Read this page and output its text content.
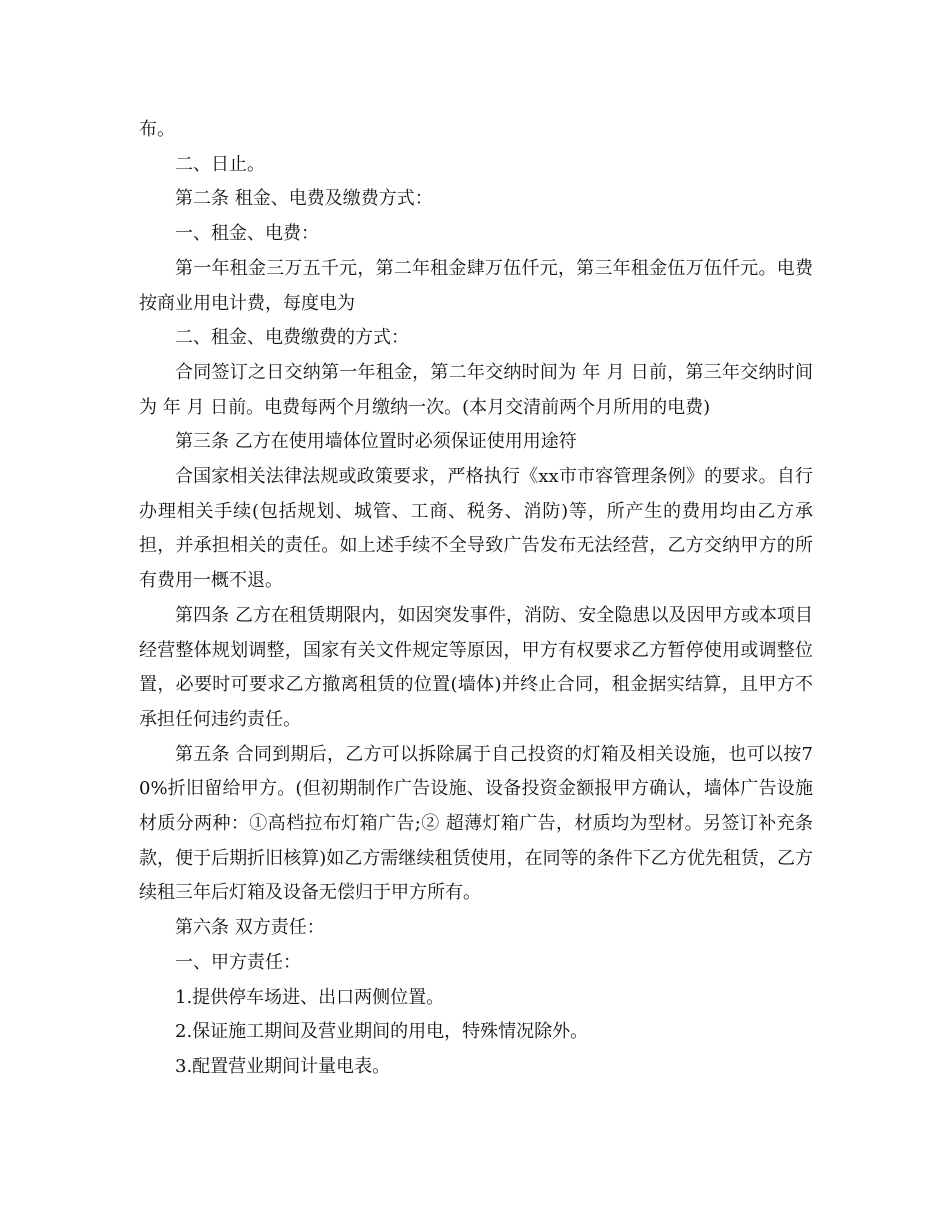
布。

二、日止。

第二条 租金、电费及缴费方式：

一、租金、电费：

第一年租金三万五千元，第二年租金肆万伍仟元，第三年租金伍万伍仟元。电费按商业用电计费，每度电为

二、租金、电费缴费的方式：

合同签订之日交纳第一年租金，第二年交纳时间为 年 月 日前，第三年交纳时间为 年 月 日前。电费每两个月缴纳一次。(本月交清前两个月所用的电费)

第三条 乙方在使用墙体位置时必须保证使用用途符

合国家相关法律法规或政策要求，严格执行《xx市市容管理条例》的要求。自行办理相关手续(包括规划、城管、工商、税务、消防)等，所产生的费用均由乙方承担，并承担相关的责任。如上述手续不全导致广告发布无法经营，乙方交纳甲方的所有费用一概不退。

第四条 乙方在租赁期限内，如因突发事件，消防、安全隐患以及因甲方或本项目经营整体规划调整，国家有关文件规定等原因，甲方有权要求乙方暂停使用或调整位置，必要时可要求乙方撤离租赁的位置(墙体)并终止合同，租金据实结算，且甲方不承担任何违约责任。

第五条 合同到期后，乙方可以拆除属于自己投资的灯箱及相关设施，也可以按70%折旧留给甲方。(但初期制作广告设施、设备投资金额报甲方确认，墙体广告设施材质分两种：①高档拉布灯箱广告;② 超薄灯箱广告，材质均为型材。另签订补充条款，便于后期折旧核算)如乙方需继续租赁使用，在同等的条件下乙方优先租赁，乙方续租三年后灯箱及设备无偿归于甲方所有。

第六条 双方责任：

一、甲方责任：

1.提供停车场进、出口两侧位置。

2.保证施工期间及营业期间的用电，特殊情况除外。

3.配置营业期间计量电表。
